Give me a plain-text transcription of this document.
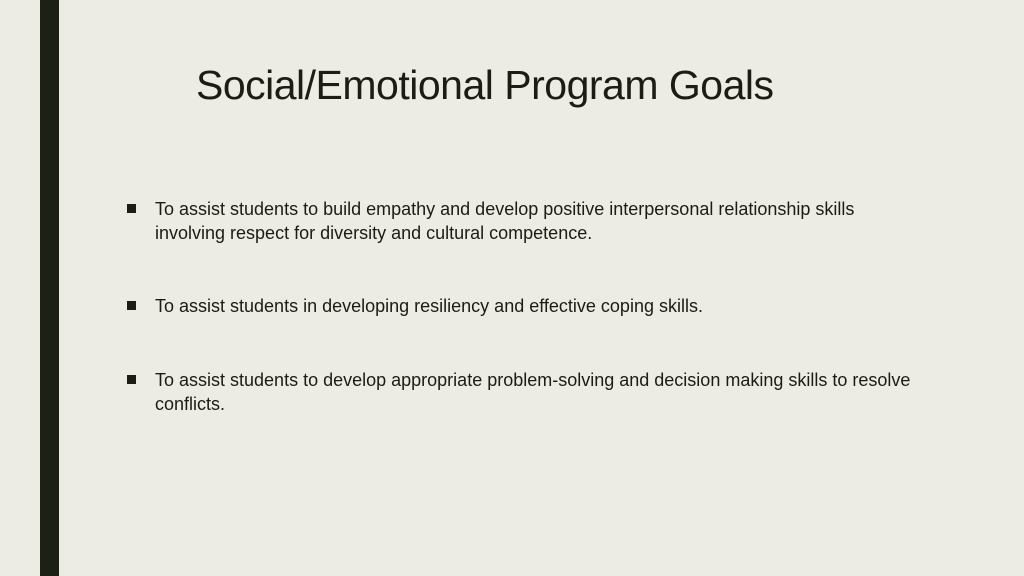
Social/Emotional Program Goals
To assist students to build empathy and develop positive interpersonal relationship skills involving respect for diversity and cultural competence.
To assist students in developing resiliency and effective coping skills.
To assist students to develop appropriate problem-solving and decision making skills to resolve conflicts.
